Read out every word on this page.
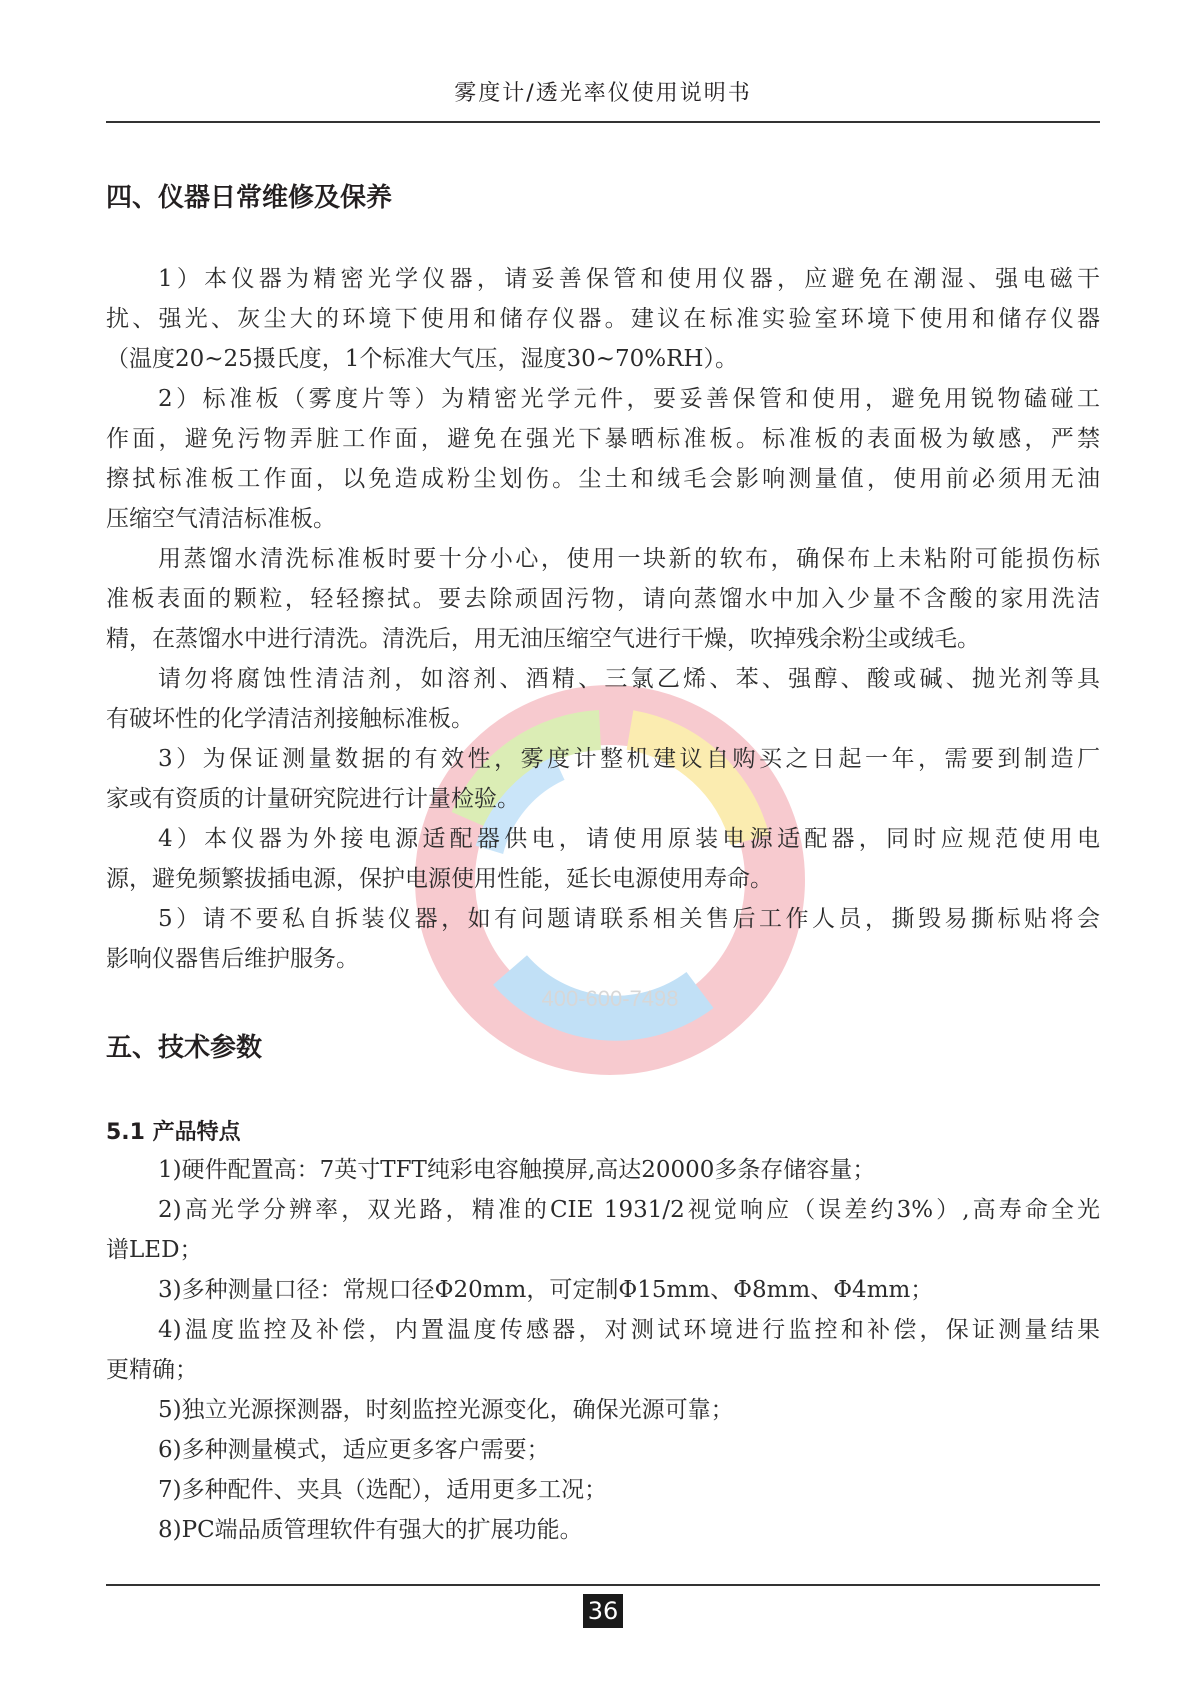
400-600-7498
雾度计/透光率仪使用说明书
四、仪器日常维修及保养
1）本仪器为精密光学仪器，请妥善保管和使用仪器，应避免在潮湿、强电磁干
扰、强光、灰尘大的环境下使用和储存仪器。建议在标准实验室环境下使用和储存仪器
（温度20~25摄氏度，1个标准大气压，湿度30~70%RH）。
2）标准板（雾度片等）为精密光学元件，要妥善保管和使用，避免用锐物磕碰工
作面，避免污物弄脏工作面，避免在强光下暴晒标准板。标准板的表面极为敏感，严禁
擦拭标准板工作面，以免造成粉尘划伤。尘土和绒毛会影响测量值，使用前必须用无油
压缩空气清洁标准板。
用蒸馏水清洗标准板时要十分小心，使用一块新的软布，确保布上未粘附可能损伤标
准板表面的颗粒，轻轻擦拭。要去除顽固污物，请向蒸馏水中加入少量不含酸的家用洗洁
精，在蒸馏水中进行清洗。清洗后，用无油压缩空气进行干燥，吹掉残余粉尘或绒毛。
请勿将腐蚀性清洁剂，如溶剂、酒精、三氯乙烯、苯、强醇、酸或碱、抛光剂等具
有破坏性的化学清洁剂接触标准板。
3）为保证测量数据的有效性，雾度计整机建议自购买之日起一年，需要到制造厂
家或有资质的计量研究院进行计量检验。
4）本仪器为外接电源适配器供电，请使用原装电源适配器，同时应规范使用电
源，避免频繁拔插电源，保护电源使用性能，延长电源使用寿命。
5）请不要私自拆装仪器，如有问题请联系相关售后工作人员，撕毁易撕标贴将会
影响仪器售后维护服务。
五、技术参数
5.1 产品特点
1)硬件配置高：7英寸TFT纯彩电容触摸屏,高达20000多条存储容量；
2)高光学分辨率，双光路，精准的CIE 1931/2视觉响应（误差约3%）,高寿命全光
谱LED；
3)多种测量口径：常规口径Φ20mm，可定制Φ15mm、Φ8mm、Φ4mm；
4)温度监控及补偿，内置温度传感器，对测试环境进行监控和补偿，保证测量结果
更精确；
5)独立光源探测器，时刻监控光源变化，确保光源可靠；
6)多种测量模式，适应更多客户需要；
7)多种配件、夹具（选配），适用更多工况；
8)PC端品质管理软件有强大的扩展功能。
36
